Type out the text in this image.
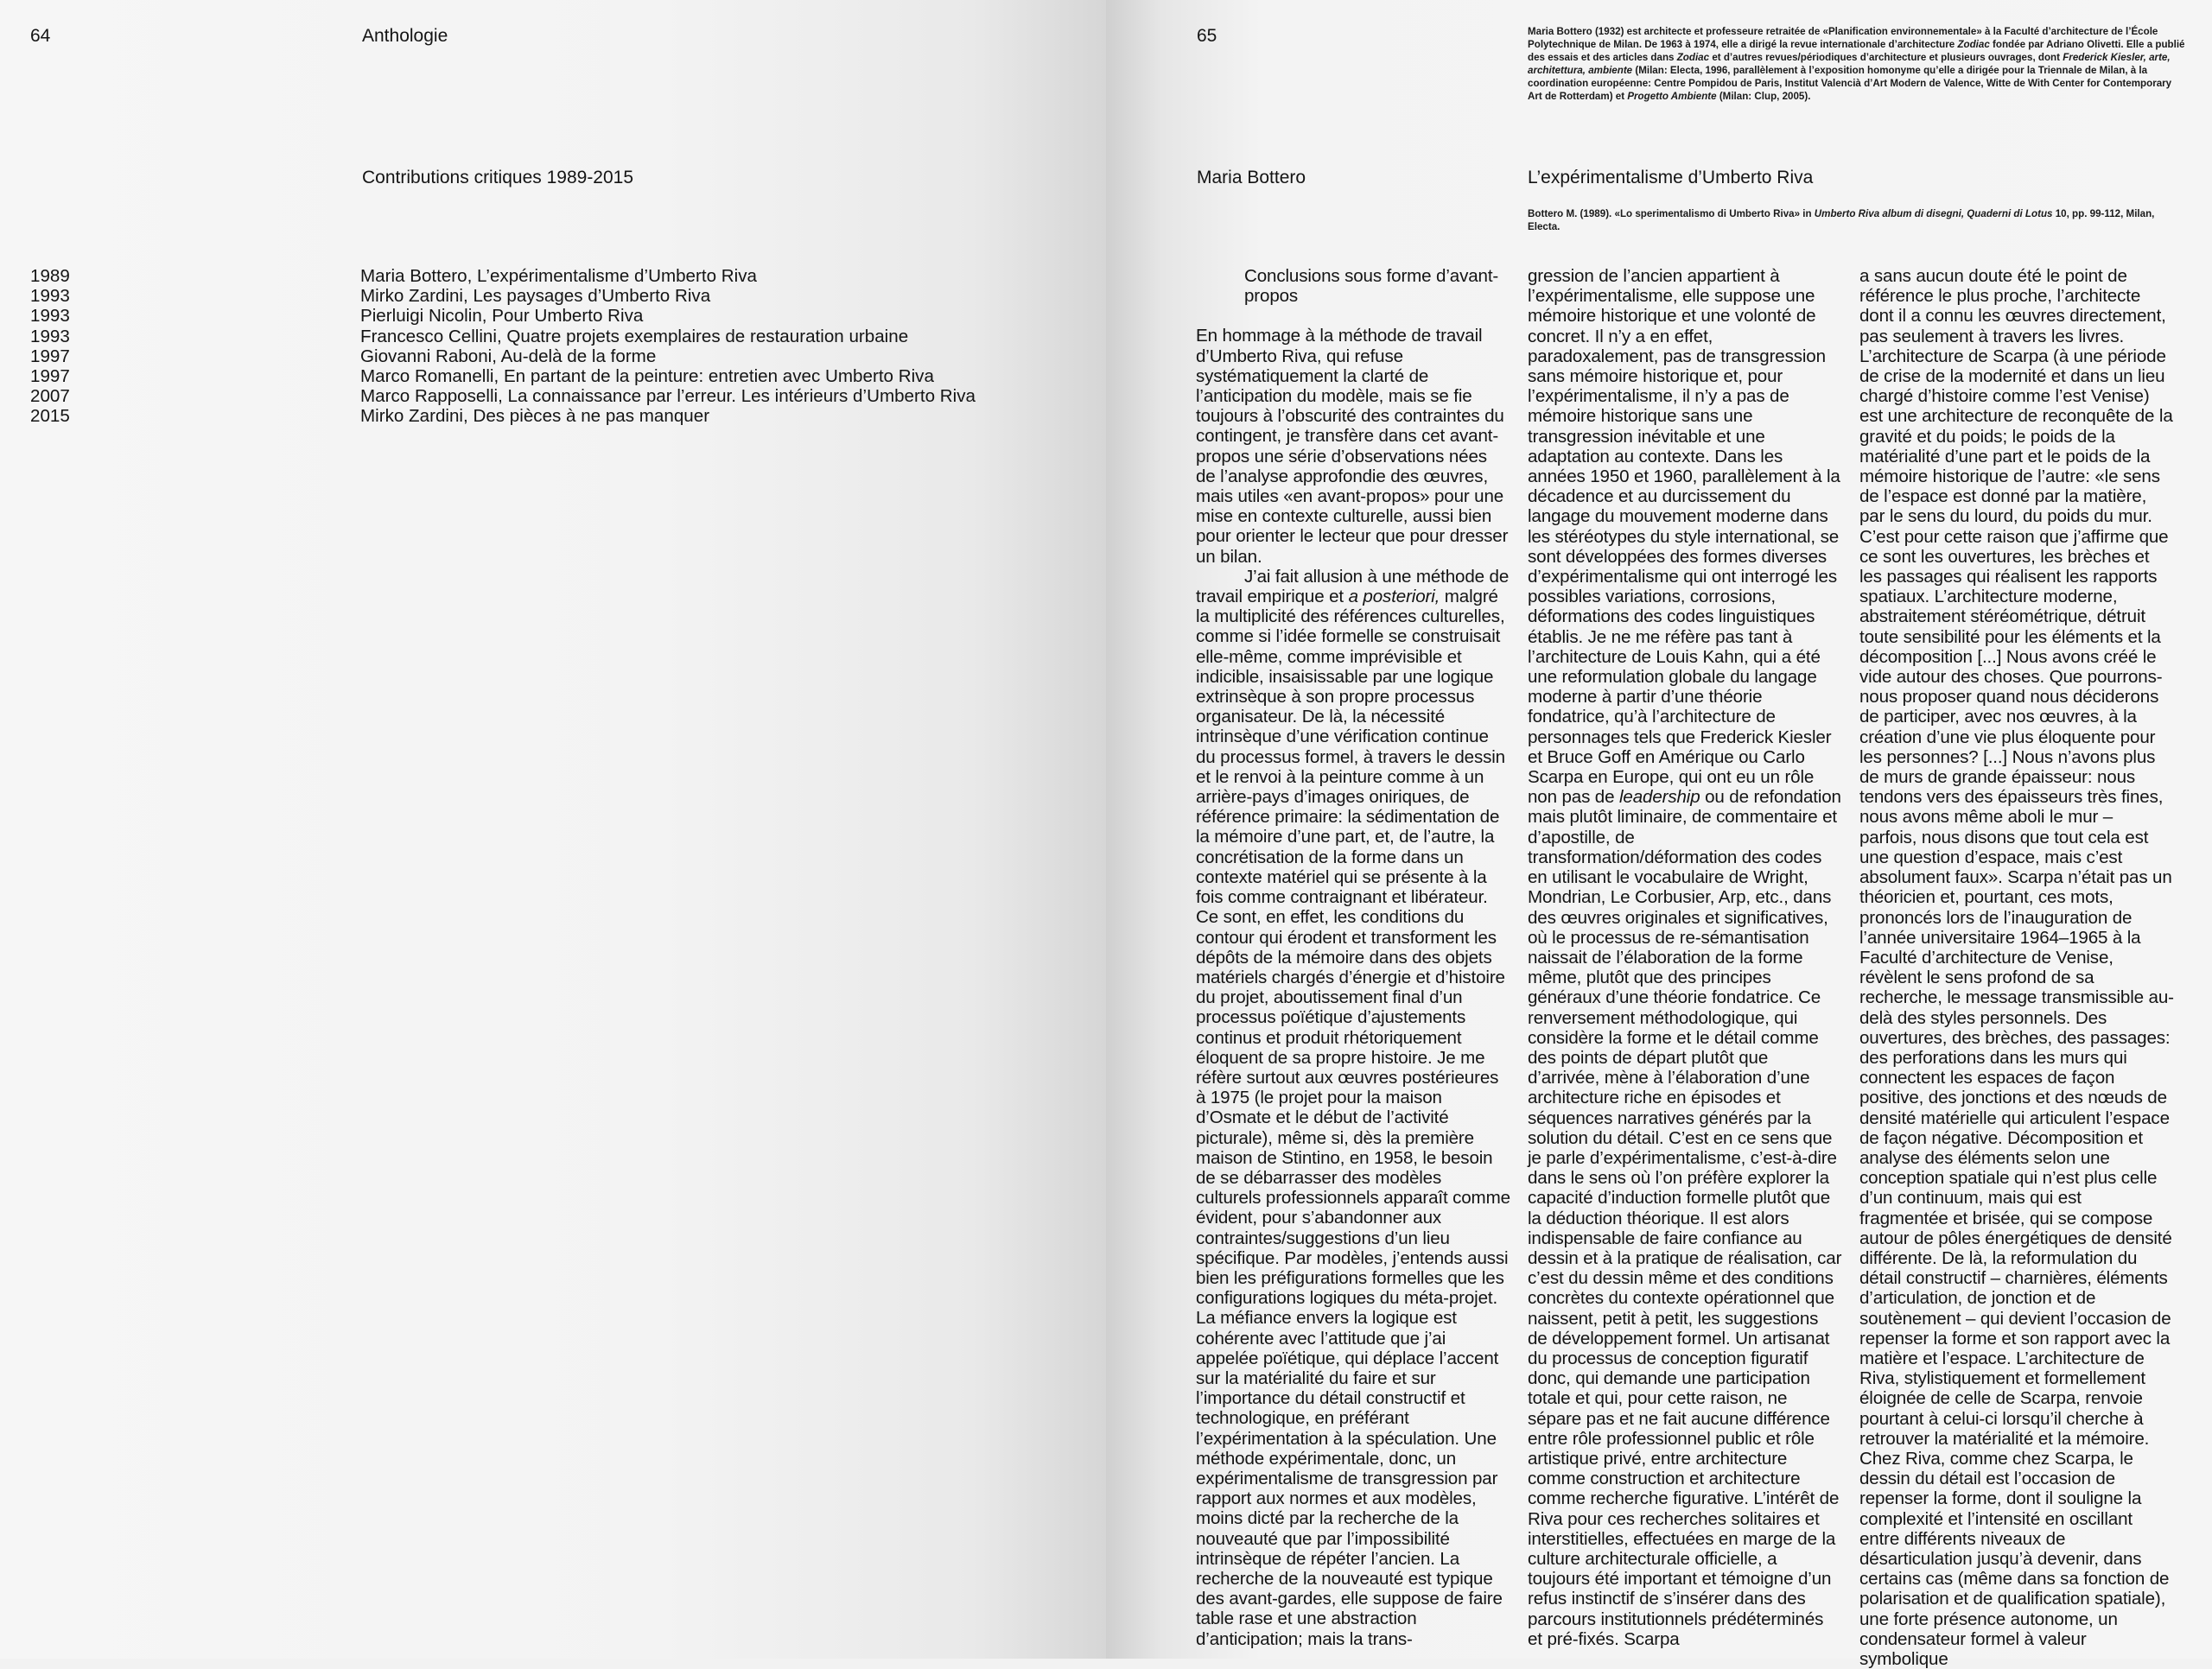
64	Anthologie
Contributions critiques 1989-2015
1989	Maria Bottero, L’expérimentalisme d’Umberto Riva
1993	Mirko Zardini, Les paysages d’Umberto Riva
1993	Pierluigi Nicolin, Pour Umberto Riva
1993	Francesco Cellini, Quatre projets exemplaires de restauration urbaine
1997	Giovanni Raboni, Au-delà de la forme
1997	Marco Romanelli, En partant de la peinture: entretien avec Umberto Riva
2007	Marco Rapposelli, La connaissance par l’erreur. Les intérieurs d’Umberto Riva
2015	Mirko Zardini, Des pièces à ne pas manquer
65	Maria Bottero (1932) est architecte et professeure retraitée de «Planification environnementale» à la Faculté d’architecture de l’École Polytechnique de Milan. De 1963 à 1974, elle a dirigé la revue internationale d’architecture Zodiac fondée par Adriano Olivetti. Elle a publié des essais et des articles dans Zodiac et d’autres revues/périodiques d’architecture et plusieurs ouvrages, dont Frederick Kiesler, arte, architettura, ambiente (Milan: Electa, 1996, parallèlement à l’exposition homonyme qu’elle a dirigée pour la Triennale de Milan, à la coordination européenne: Centre Pompidou de Paris, Institut Valencià d’Art Modern de Valence, Witte de With Center for Contemporary Art de Rotterdam) et Progetto Ambiente (Milan: Clup, 2005).
Maria Bottero	L’expérimentalisme d’Umberto Riva
Bottero M. (1989). «Lo sperimentalismo di Umberto Riva» in Umberto Riva album di disegni, Quaderni di Lotus 10, pp. 99-112, Milan, Electa.

Conclusions sous forme d’avant-propos

En hommage à la méthode de travail d’Umberto Riva, qui refuse systématiquement la clarté de l’anticipation du modèle, mais se fie toujours à l’obscurité des contraintes du contingent, je transfère dans cet avant-propos une série d’observations nées de l’analyse approfondie des œuvres, mais utiles «en avant-propos» pour une mise en contexte culturelle, aussi bien pour orienter le lecteur que pour dresser un bilan.

J’ai fait allusion à une méthode de travail empirique et a posteriori, malgré la multiplicité des références culturelles, comme si l’idée formelle se construisait elle-même, comme imprévisible et indicible, insaisissable par une logique extrinsèque à son propre processus organisateur. De là, la nécessité intrinsèque d’une vérification continue du processus formel, à travers le dessin et le renvoi à la peinture comme à un arrière-pays d’images oniriques, de référence primaire: la sédimentation de la mémoire d’une part, et, de l’autre, la concrétisation de la forme dans un contexte matériel qui se présente à la fois comme contraignant et libérateur. Ce sont, en effet, les conditions du contour qui érodent et transforment les dépôts de la mémoire dans des objets matériels chargés d’énergie et d’histoire du projet, aboutissement final d’un processus poïétique d’ajustements continus et produit rhétoriquement éloquent de sa propre histoire. Je me réfère surtout aux œuvres postérieures à 1975 (le projet pour la maison d’Osmate et le début de l’activité picturale), même si, dès la première maison de Stintino, en 1958, le besoin de se débarrasser des modèles culturels professionnels apparaît comme évident, pour s’abandonner aux contraintes/suggestions d’un lieu spécifique. Par modèles, j’entends aussi bien les préfigurations formelles que les configurations logiques du méta-projet.

La méfiance envers la logique est cohérente avec l’attitude que j’ai appelée poïétique, qui déplace l’accent sur la matérialité du faire et sur l’importance du détail constructif et technologique, en préférant l’expérimentation à la spéculation. Une méthode expérimentale, donc, un expérimentalisme de transgression par rapport aux normes et aux modèles, moins dicté par la recherche de la nouveauté que par l’impossibilité intrinsèque de répéter l’ancien. La recherche de la nouveauté est typique des avant-gardes, elle suppose de faire table rase et une abstraction d’anticipation; mais la trans-

gression de l’ancien appartient à l’expérimentalisme, elle suppose une mémoire historique et une volonté de concret. Il n’y a en effet, paradoxalement, pas de transgression sans mémoire historique et, pour l’expérimentalisme, il n’y a pas de mémoire historique sans une transgression inévitable et une adaptation au contexte. Dans les années 1950 et 1960, parallèlement à la décadence et au durcissement du langage du mouvement moderne dans les stéréotypes du style international, se sont développées des formes diverses d’expérimentalisme qui ont interrogé les possibles variations, corrosions, déformations des codes linguistiques établis. Je ne me réfère pas tant à l’architecture de Louis Kahn, qui a été une reformulation globale du langage moderne à partir d’une théorie fondatrice, qu’à l’architecture de personnages tels que Frederick Kiesler et Bruce Goff en Amérique ou Carlo Scarpa en Europe, qui ont eu un rôle non pas de leadership ou de refondation mais plutôt liminaire, de commentaire et d’apostille, de transformation/déformation des codes en utilisant le vocabulaire de Wright, Mondrian, Le Corbusier, Arp, etc., dans des œuvres originales et significatives, où le processus de re-sémantisation naissait de l’élaboration de la forme même, plutôt que des principes généraux d’une théorie fondatrice. Ce renversement méthodologique, qui considère la forme et le détail comme des points de départ plutôt que d’arrivée, mène à l’élaboration d’une architecture riche en épisodes et séquences narratives générés par la solution du détail. C’est en ce sens que je parle d’expérimentalisme, c’est-à-dire dans le sens où l’on préfère explorer la capacité d’induction formelle plutôt que la déduction théorique. Il est alors indispensable de faire confiance au dessin et à la pratique de réalisation, car c’est du dessin même et des conditions concrètes du contexte opérationnel que naissent, petit à petit, les suggestions de développement formel. Un artisanat du processus de conception figuratif donc, qui demande une participation totale et qui, pour cette raison, ne sépare pas et ne fait aucune différence entre rôle professionnel public et rôle artistique privé, entre architecture comme construction et architecture comme recherche figurative. L’intérêt de Riva pour ces recherches solitaires et interstitielles, effectuées en marge de la culture architecturale officielle, a toujours été important et témoigne d’un refus instinctif de s’insérer dans des parcours institutionnels prédéterminés et pré-fixés. Scarpa

a sans aucun doute été le point de référence le plus proche, l’architecte dont il a connu les œuvres directement, pas seulement à travers les livres. L’architecture de Scarpa (à une période de crise de la modernité et dans un lieu chargé d’histoire comme l’est Venise) est une architecture de reconquête de la gravité et du poids; le poids de la matérialité d’une part et le poids de la mémoire historique de l’autre: «le sens de l’espace est donné par la matière, par le sens du lourd, du poids du mur. C’est pour cette raison que j’affirme que ce sont les ouvertures, les brèches et les passages qui réalisent les rapports spatiaux. L’architecture moderne, abstraitement stéréométrique, détruit toute sensibilité pour les éléments et la décomposition [...] Nous avons créé le vide autour des choses. Que pourrons-nous proposer quand nous déciderons de participer, avec nos œuvres, à la création d’une vie plus éloquente pour les personnes? [...] Nous n’avons plus de murs de grande épaisseur: nous tendons vers des épaisseurs très fines, nous avons même aboli le mur – parfois, nous disons que tout cela est une question d’espace, mais c’est absolument faux». Scarpa n’était pas un théoricien et, pourtant, ces mots, prononcés lors de l’inauguration de l’année universitaire 1964–1965 à la Faculté d’architecture de Venise, révèlent le sens profond de sa recherche, le message transmissible au-delà des styles personnels. Des ouvertures, des brèches, des passages: des perforations dans les murs qui connectent les espaces de façon positive, des jonctions et des nœuds de densité matérielle qui articulent l’espace de façon négative. Décomposition et analyse des éléments selon une conception spatiale qui n’est plus celle d’un continuum, mais qui est fragmentée et brisée, qui se compose autour de pôles énergétiques de densité différente. De là, la reformulation du détail constructif – charnières, éléments d’articulation, de jonction et de soutènement – qui devient l’occasion de repenser la forme et son rapport avec la matière et l’espace. L’architecture de Riva, stylistiquement et formellement éloignée de celle de Scarpa, renvoie pourtant à celui-ci lorsqu’il cherche à retrouver la matérialité et la mémoire. Chez Riva, comme chez Scarpa, le dessin du détail est l’occasion de repenser la forme, dont il souligne la complexité et l’intensité en oscillant entre différents niveaux de désarticulation jusqu’à devenir, dans certains cas (même dans sa fonction de polarisation et de qualification spatiale), une forte présence autonome, un condensateur formel à valeur symbolique
